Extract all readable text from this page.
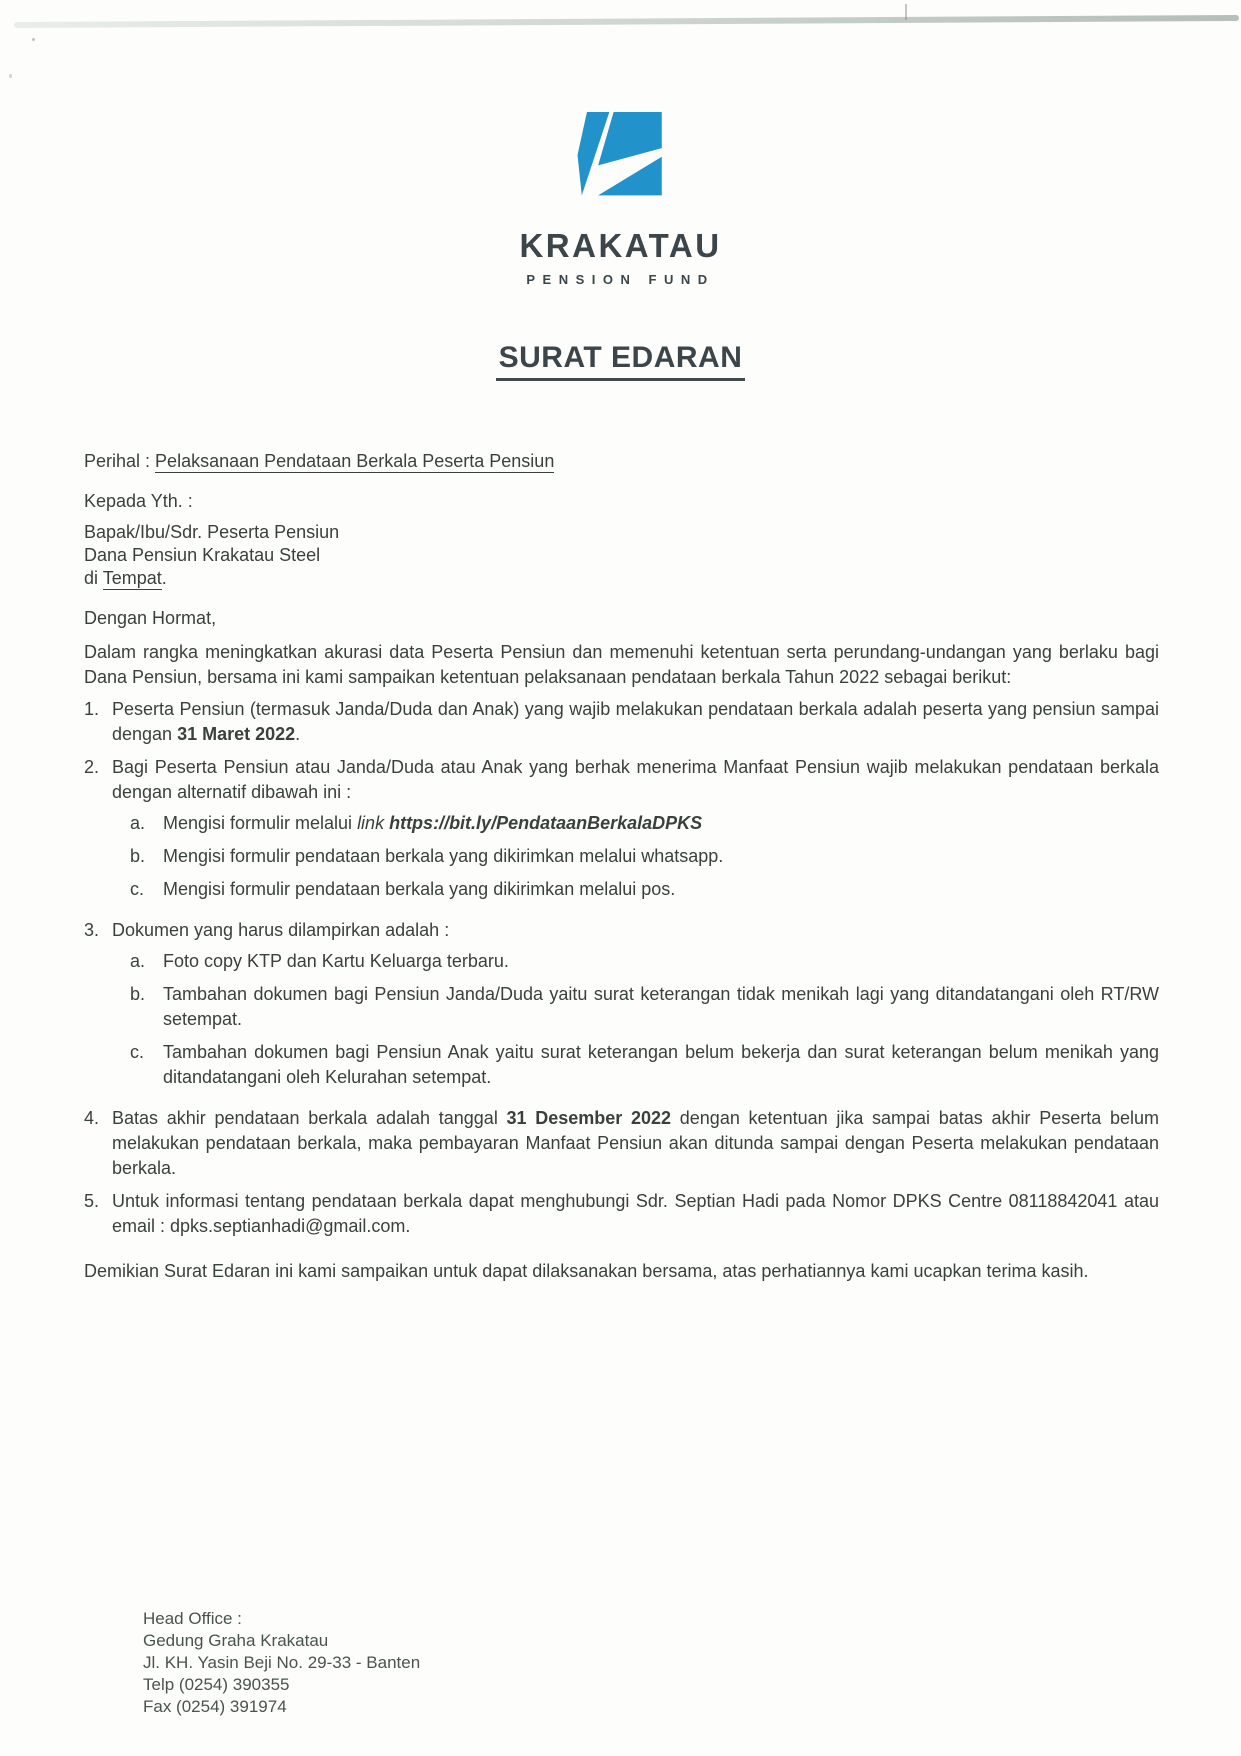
KRAKATAU
PENSION FUND
SURAT EDARAN

Perihal : Pelaksanaan Pendataan Berkala Peserta Pensiun

Kepada Yth. :

Bapak/Ibu/Sdr. Peserta Pensiun

Dana Pensiun Krakatau Steel

di Tempat.

Dengan Hormat,

Dalam rangka meningkatkan akurasi data Peserta Pensiun dan memenuhi ketentuan serta perundang-undangan yang berlaku bagi Dana Pensiun, bersama ini kami sampaikan ketentuan pelaksanaan pendataan berkala Tahun 2022 sebagai berikut:

1. Peserta Pensiun (termasuk Janda/Duda dan Anak) yang wajib melakukan pendataan berkala adalah peserta yang pensiun sampai dengan 31 Maret 2022.
2. Bagi Peserta Pensiun atau Janda/Duda atau Anak yang berhak menerima Manfaat Pensiun wajib melakukan pendataan berkala dengan alternatif dibawah ini :
a. Mengisi formulir melalui link https://bit.ly/PendataanBerkalaDPKS
b. Mengisi formulir pendataan berkala yang dikirimkan melalui whatsapp.
c.	Mengisi formulir pendataan berkala yang dikirimkan melalui pos.
3. Dokumen yang harus dilampirkan adalah :
a. Foto copy KTP dan Kartu Keluarga terbaru.
b. Tambahan dokumen bagi Pensiun Janda/Duda yaitu surat keterangan tidak menikah lagi yang ditandatangani oleh RT/RW setempat.
c.	Tambahan dokumen bagi Pensiun Anak yaitu surat keterangan belum bekerja dan surat keterangan belum menikah yang ditandatangani oleh Kelurahan setempat.
4. Batas akhir pendataan berkala adalah tanggal 31 Desember 2022 dengan ketentuan jika sampai batas akhir Peserta belum melakukan pendataan berkala, maka pembayaran Manfaat Pensiun akan ditunda sampai dengan Peserta melakukan pendataan berkala.
5. Untuk informasi tentang pendataan berkala dapat menghubungi Sdr. Septian Hadi pada Nomor DPKS Centre 08118842041 atau email : dpks.septianhadi@gmail.com.

Demikian Surat Edaran ini kami sampaikan untuk dapat dilaksanakan bersama, atas perhatiannya kami ucapkan terima kasih.

Head Office :

Gedung Graha Krakatau

Jl. KH. Yasin Beji No. 29-33 - Banten

Telp (0254) 390355

Fax (0254) 391974
